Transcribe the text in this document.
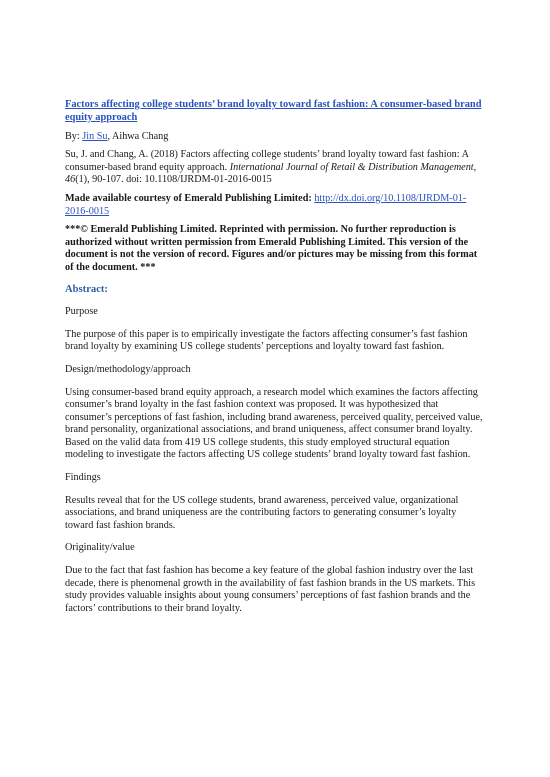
Factors affecting college students’ brand loyalty toward fast fashion: A consumer-based brand equity approach

By: Jin Su, Aihwa Chang

Su, J. and Chang, A. (2018) Factors affecting college students’ brand loyalty toward fast fashion: A consumer-based brand equity approach. International Journal of Retail & Distribution Management, 46(1), 90-107. doi: 10.1108/IJRDM-01-2016-0015

Made available courtesy of Emerald Publishing Limited: http://dx.doi.org/10.1108/IJRDM-01-2016-0015

***© Emerald Publishing Limited. Reprinted with permission. No further reproduction is authorized without written permission from Emerald Publishing Limited. This version of the document is not the version of record. Figures and/or pictures may be missing from this format of the document. ***

Abstract:

Purpose

The purpose of this paper is to empirically investigate the factors affecting consumer’s fast fashion brand loyalty by examining US college students’ perceptions and loyalty toward fast fashion.

Design/methodology/approach

Using consumer-based brand equity approach, a research model which examines the factors affecting consumer’s brand loyalty in the fast fashion context was proposed. It was hypothesized that consumer’s perceptions of fast fashion, including brand awareness, perceived quality, perceived value, brand personality, organizational associations, and brand uniqueness, affect consumer brand loyalty. Based on the valid data from 419 US college students, this study employed structural equation modeling to investigate the factors affecting US college students’ brand loyalty toward fast fashion.

Findings

Results reveal that for the US college students, brand awareness, perceived value, organizational associations, and brand uniqueness are the contributing factors to generating consumer’s loyalty toward fast fashion brands.

Originality/value

Due to the fact that fast fashion has become a key feature of the global fashion industry over the last decade, there is phenomenal growth in the availability of fast fashion brands in the US markets. This study provides valuable insights about young consumers’ perceptions of fast fashion brands and the factors’ contributions to their brand loyalty.
